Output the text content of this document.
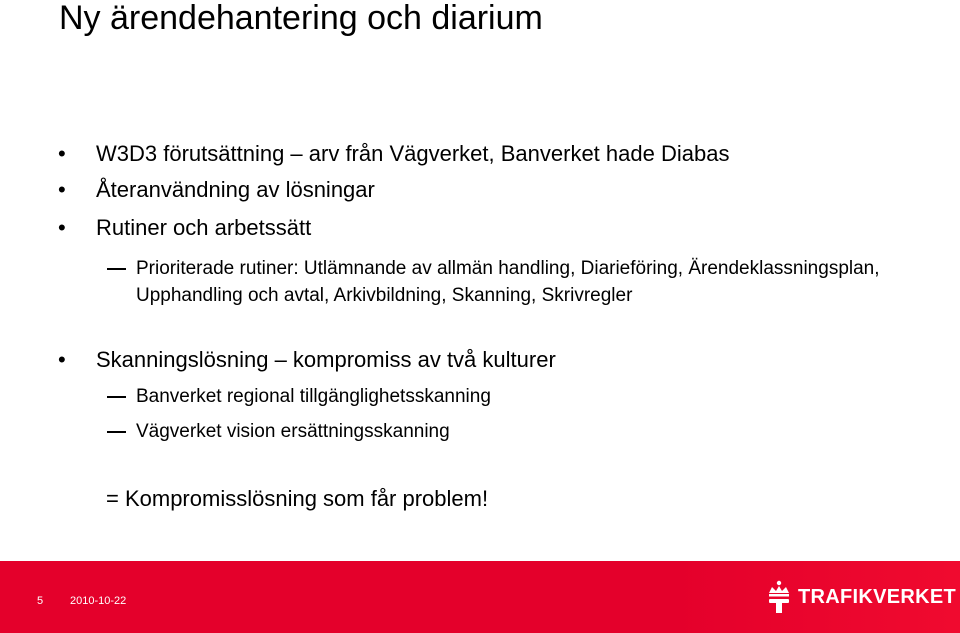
Ny ärendehantering och diarium
• W3D3 förutsättning – arv från Vägverket, Banverket hade Diabas
• Återanvändning av lösningar
• Rutiner och arbetssätt
Prioriterade rutiner: Utlämnande av allmän handling, Diarieföring, Ärendeklassningsplan, Upphandling och avtal, Arkivbildning, Skanning, Skrivregler
• Skanningslösning – kompromiss av två kulturer
Banverket regional tillgänglighetsskanning
Vägverket vision ersättningsskanning
= Kompromisslösning som får problem!
5 2010-10-22	TRAFIKVERKET
